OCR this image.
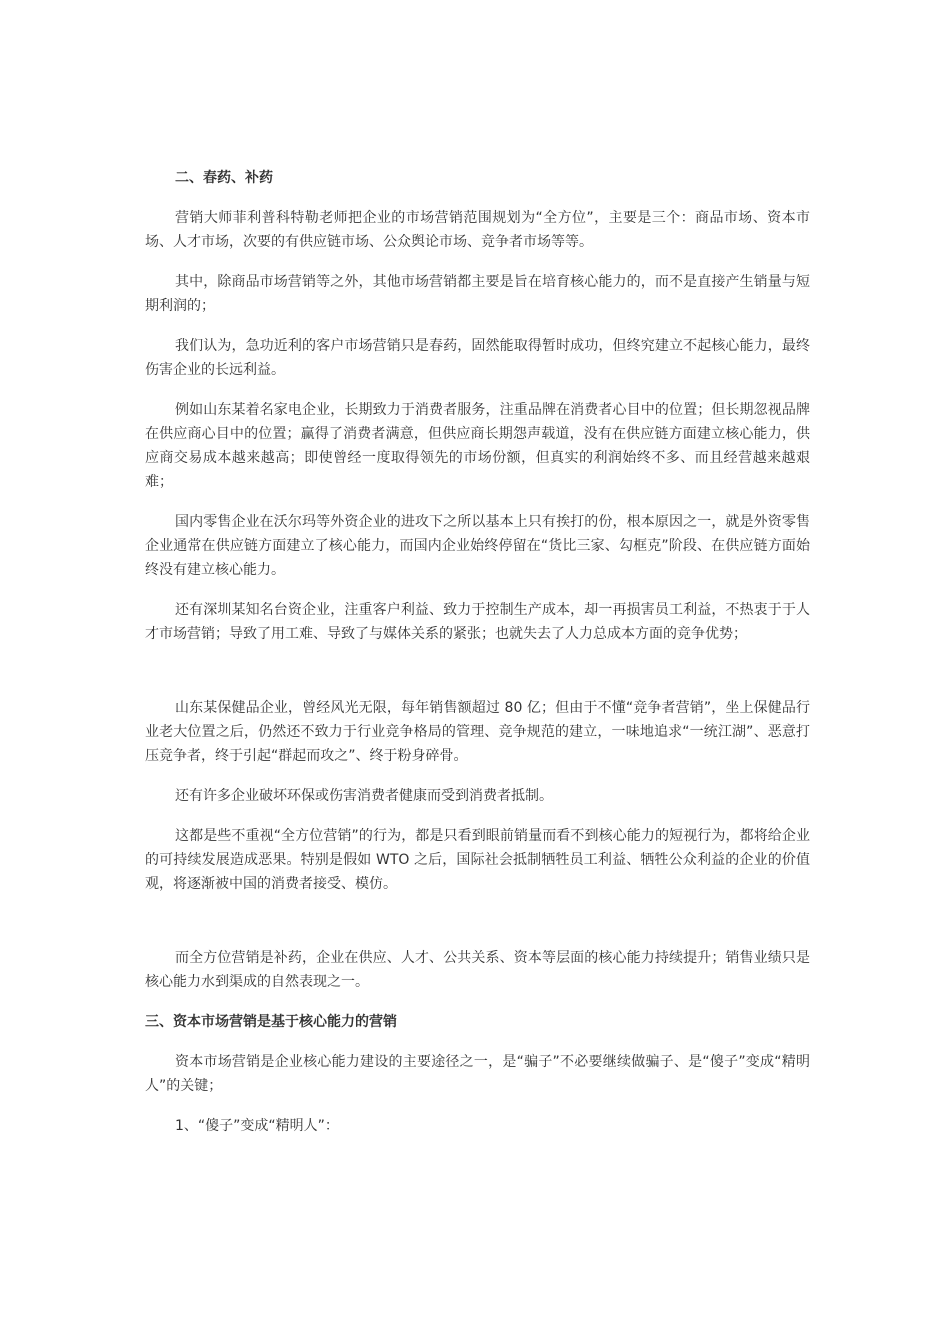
二、春药、补药

营销大师菲利普科特勒老师把企业的市场营销范围规划为“全方位”，主要是三个：商品市场、资本市场、人才市场，次要的有供应链市场、公众舆论市场、竞争者市场等等。

其中，除商品市场营销等之外，其他市场营销都主要是旨在培育核心能力的，而不是直接产生销量与短期利润的；

我们认为，急功近利的客户市场营销只是春药，固然能取得暂时成功，但终究建立不起核心能力，最终伤害企业的长远利益。

例如山东某着名家电企业，长期致力于消费者服务，注重品牌在消费者心目中的位置；但长期忽视品牌在供应商心目中的位置；赢得了消费者满意，但供应商长期怨声载道，没有在供应链方面建立核心能力，供应商交易成本越来越高；即使曾经一度取得领先的市场份额，但真实的利润始终不多、而且经营越来越艰难；

国内零售企业在沃尔玛等外资企业的进攻下之所以基本上只有挨打的份，根本原因之一，就是外资零售企业通常在供应链方面建立了核心能力，而国内企业始终停留在“货比三家、勾框克”阶段、在供应链方面始终没有建立核心能力。

还有深圳某知名台资企业，注重客户利益、致力于控制生产成本，却一再损害员工利益，不热衷于于人才市场营销；导致了用工难、导致了与媒体关系的紧张；也就失去了人力总成本方面的竞争优势；

山东某保健品企业，曾经风光无限，每年销售额超过 80 亿；但由于不懂“竞争者营销”，坐上保健品行业老大位置之后，仍然还不致力于行业竞争格局的管理、竞争规范的建立，一味地追求“一统江湖”、恶意打压竞争者，终于引起“群起而攻之”、终于粉身碎骨。

还有许多企业破坏环保或伤害消费者健康而受到消费者抵制。

这都是些不重视“全方位营销”的行为，都是只看到眼前销量而看不到核心能力的短视行为，都将给企业的可持续发展造成恶果。特别是假如 WTO 之后，国际社会抵制牺牲员工利益、牺牲公众利益的企业的价值观，将逐渐被中国的消费者接受、模仿。

而全方位营销是补药，企业在供应、人才、公共关系、资本等层面的核心能力持续提升；销售业绩只是核心能力水到渠成的自然表现之一。

三、资本市场营销是基于核心能力的营销

资本市场营销是企业核心能力建设的主要途径之一，是“骗子”不必要继续做骗子、是“傻子”变成“精明人”的关键；

1、“傻子”变成“精明人”：
